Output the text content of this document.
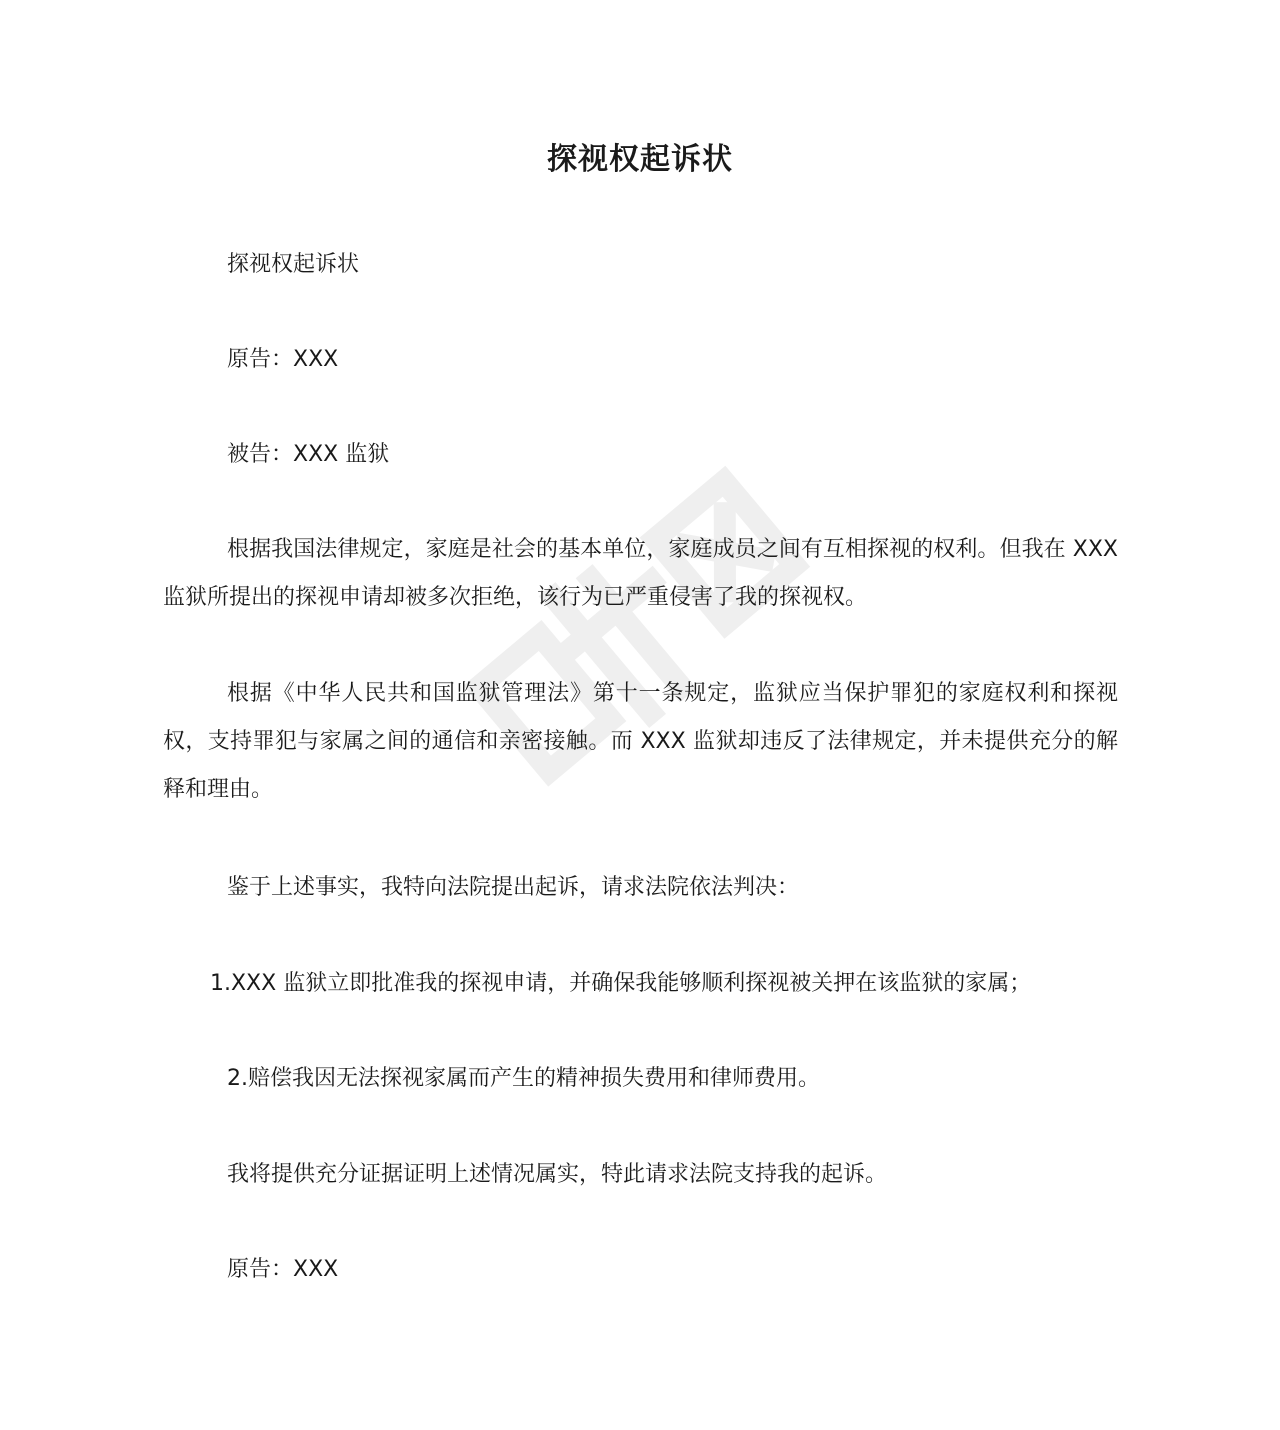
探视权起诉状

探视权起诉状

原告：XXX

被告：XXX 监狱

根据我国法律规定，家庭是社会的基本单位，家庭成员之间有互相探视的权利。但我在 XXX 监狱所提出的探视申请却被多次拒绝，该行为已严重侵害了我的探视权。

根据《中华人民共和国监狱管理法》第十一条规定，监狱应当保护罪犯的家庭权利和探视权，支持罪犯与家属之间的通信和亲密接触。而 XXX 监狱却违反了法律规定，并未提供充分的解释和理由。

鉴于上述事实，我特向法院提出起诉，请求法院依法判决：

1.XXX 监狱立即批准我的探视申请，并确保我能够顺利探视被关押在该监狱的家属；

2.赔偿我因无法探视家属而产生的精神损失费用和律师费用。

我将提供充分证据证明上述情况属实，特此请求法院支持我的起诉。

原告：XXX
